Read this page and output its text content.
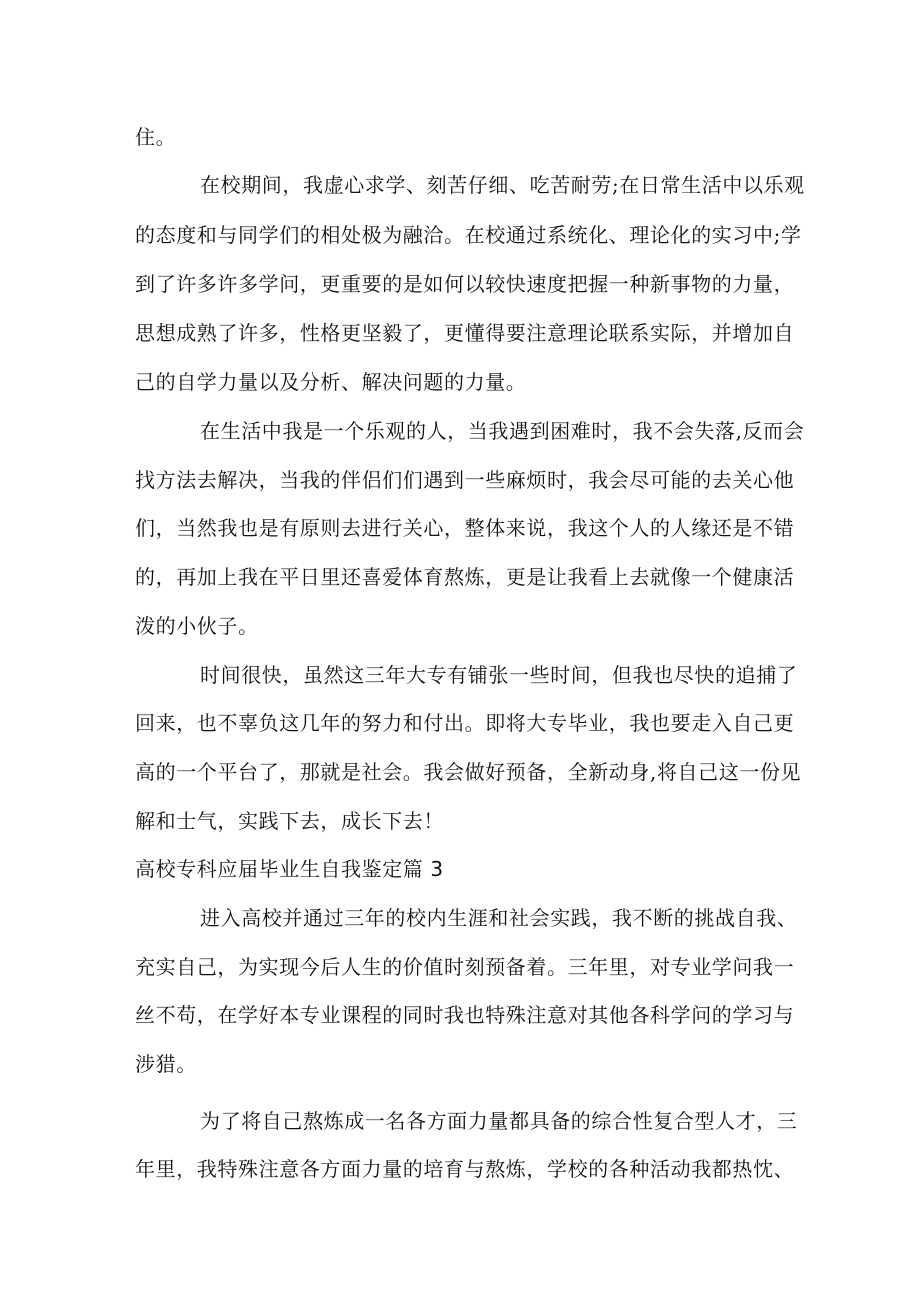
住。
在校期间，我虚心求学、刻苦仔细、吃苦耐劳;在日常生活中以乐观
的态度和与同学们的相处极为融洽。在校通过系统化、理论化的实习中;学
到了许多许多学问，更重要的是如何以较快速度把握一种新事物的力量，
思想成熟了许多，性格更坚毅了，更懂得要注意理论联系实际，并增加自
己的自学力量以及分析、解决问题的力量。
在生活中我是一个乐观的人，当我遇到困难时，我不会失落,反而会
找方法去解决，当我的伴侣们们遇到一些麻烦时，我会尽可能的去关心他
们，当然我也是有原则去进行关心，整体来说，我这个人的人缘还是不错
的，再加上我在平日里还喜爱体育熬炼，更是让我看上去就像一个健康活
泼的小伙子。
时间很快，虽然这三年大专有铺张一些时间，但我也尽快的追捕了
回来，也不辜负这几年的努力和付出。即将大专毕业，我也要走入自己更
高的一个平台了，那就是社会。我会做好预备，全新动身,将自己这一份见
解和士气，实践下去，成长下去！
高校专科应届毕业生自我鉴定篇 3
进入高校并通过三年的校内生涯和社会实践，我不断的挑战自我、
充实自己，为实现今后人生的价值时刻预备着。三年里，对专业学问我一
丝不苟，在学好本专业课程的同时我也特殊注意对其他各科学问的学习与
涉猎。
为了将自己熬炼成一名各方面力量都具备的综合性复合型人才，三
年里，我特殊注意各方面力量的培育与熬炼，学校的各种活动我都热忱、
